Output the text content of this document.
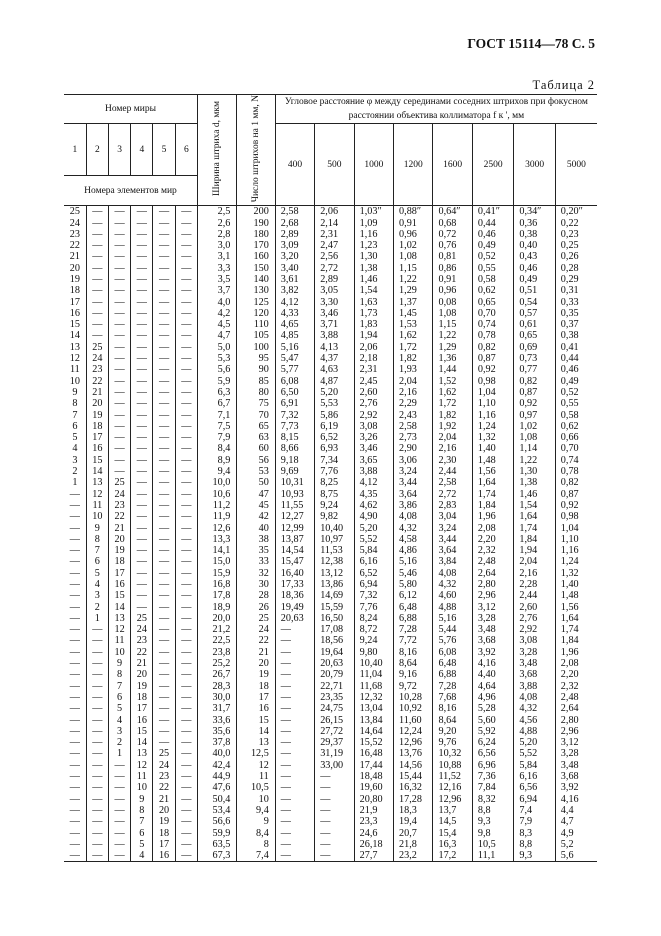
ГОСТ 15114—78 С. 5
Таблица 2
Номер миры						Ширина штриха d, мкм	Число штрихов на 1 мм, N	Угловое расстояние φ между серединами соседних штрихов при фокусном расстоянии объектива коллиматора f к ', мм							
1	2	3	4	5	6			400	500	1000	1200	1600	2500	3000	5000
Номера элементов мир															
25	—	—	—	—	—	2,5	200	2,58	2,06	1,03″	0,88″	0,64″	0,41″	0,34″	0,20″
24	—	—	—	—	—	2,6	190	2,68	2,14	1,09	0,91	0,68	0,44	0,36	0,22
23	—	—	—	—	—	2,8	180	2,89	2,31	1,16	0,96	0,72	0,46	0,38	0,23
22	—	—	—	—	—	3,0	170	3,09	2,47	1,23	1,02	0,76	0,49	0,40	0,25
21	—	—	—	—	—	3,1	160	3,20	2,56	1,30	1,08	0,81	0,52	0,43	0,26
20	—	—	—	—	—	3,3	150	3,40	2,72	1,38	1,15	0,86	0,55	0,46	0,28
19	—	—	—	—	—	3,5	140	3,61	2,89	1,46	1,22	0,91	0,58	0,49	0,29
18	—	—	—	—	—	3,7	130	3,82	3,05	1,54	1,29	0,96	0,62	0,51	0,31
17	—	—	—	—	—	4,0	125	4,12	3,30	1,63	1,37	0,08	0,65	0,54	0,33
16	—	—	—	—	—	4,2	120	4,33	3,46	1,73	1,45	1,08	0,70	0,57	0,35
15	—	—	—	—	—	4,5	110	4,65	3,71	1,83	1,53	1,15	0,74	0,61	0,37
14	—	—	—	—	—	4,7	105	4,85	3,88	1,94	1,62	1,22	0,78	0,65	0,38
13	25	—	—	—	—	5,0	100	5,16	4,13	2,06	1,72	1,29	0,82	0,69	0,41
12	24	—	—	—	—	5,3	95	5,47	4,37	2,18	1,82	1,36	0,87	0,73	0,44
11	23	—	—	—	—	5,6	90	5,77	4,63	2,31	1,93	1,44	0,92	0,77	0,46
10	22	—	—	—	—	5,9	85	6,08	4,87	2,45	2,04	1,52	0,98	0,82	0,49
9	21	—	—	—	—	6,3	80	6,50	5,20	2,60	2,16	1,62	1,04	0,87	0,52
8	20	—	—	—	—	6,7	75	6,91	5,53	2,76	2,29	1,72	1,10	0,92	0,55
7	19	—	—	—	—	7,1	70	7,32	5,86	2,92	2,43	1,82	1,16	0,97	0,58
6	18	—	—	—	—	7,5	65	7,73	6,19	3,08	2,58	1,92	1,24	1,02	0,62
5	17	—	—	—	—	7,9	63	8,15	6,52	3,26	2,73	2,04	1,32	1,08	0,66
4	16	—	—	—	—	8,4	60	8,66	6,93	3,46	2,90	2,16	1,40	1,14	0,70
3	15	—	—	—	—	8,9	56	9,18	7,34	3,65	3,06	2,30	1,48	1,22	0,74
2	14	—	—	—	—	9,4	53	9,69	7,76	3,88	3,24	2,44	1,56	1,30	0,78
1	13	25	—	—	—	10,0	50	10,31	8,25	4,12	3,44	2,58	1,64	1,38	0,82
—	12	24	—	—	—	10,6	47	10,93	8,75	4,35	3,64	2,72	1,74	1,46	0,87
—	11	23	—	—	—	11,2	45	11,55	9,24	4,62	3,86	2,83	1,84	1,54	0,92
—	10	22	—	—	—	11,9	42	12,27	9,82	4,90	4,08	3,04	1,96	1,64	0,98
—	9	21	—	—	—	12,6	40	12,99	10,40	5,20	4,32	3,24	2,08	1,74	1,04
—	8	20	—	—	—	13,3	38	13,87	10,97	5,52	4,58	3,44	2,20	1,84	1,10
—	7	19	—	—	—	14,1	35	14,54	11,53	5,84	4,86	3,64	2,32	1,94	1,16
—	6	18	—	—	—	15,0	33	15,47	12,38	6,16	5,16	3,84	2,48	2,04	1,24
—	5	17	—	—	—	15,9	32	16,40	13,12	6,52	5,46	4,08	2,64	2,16	1,32
—	4	16	—	—	—	16,8	30	17,33	13,86	6,94	5,80	4,32	2,80	2,28	1,40
—	3	15	—	—	—	17,8	28	18,36	14,69	7,32	6,12	4,60	2,96	2,44	1,48
—	2	14	—	—	—	18,9	26	19,49	15,59	7,76	6,48	4,88	3,12	2,60	1,56
—	1	13	25	—	—	20,0	25	20,63	16,50	8,24	6,88	5,16	3,28	2,76	1,64
—	—	12	24	—	—	21,2	24	—	17,08	8,72	7,28	5,44	3,48	2,92	1,74
—	—	11	23	—	—	22,5	22	—	18,56	9,24	7,72	5,76	3,68	3,08	1,84
—	—	10	22	—	—	23,8	21	—	19,64	9,80	8,16	6,08	3,92	3,28	1,96
—	—	9	21	—	—	25,2	20	—	20,63	10,40	8,64	6,48	4,16	3,48	2,08
—	—	8	20	—	—	26,7	19	—	20,79	11,04	9,16	6,88	4,40	3,68	2,20
—	—	7	19	—	—	28,3	18	—	22,71	11,68	9,72	7,28	4,64	3,88	2,32
—	—	6	18	—	—	30,0	17	—	23,35	12,32	10,28	7,68	4,96	4,08	2,48
—	—	5	17	—	—	31,7	16	—	24,75	13,04	10,92	8,16	5,28	4,32	2,64
—	—	4	16	—	—	33,6	15	—	26,15	13,84	11,60	8,64	5,60	4,56	2,80
—	—	3	15	—	—	35,6	14	—	27,72	14,64	12,24	9,20	5,92	4,88	2,96
—	—	2	14	—	—	37,8	13	—	29,37	15,52	12,96	9,76	6,24	5,20	3,12
—	—	1	13	25	—	40,0	12,5	—	31,19	16,48	13,76	10,32	6,56	5,52	3,28
—	—	—	12	24	—	42,4	12	—	33,00	17,44	14,56	10,88	6,96	5,84	3,48
—	—	—	11	23	—	44,9	11	—	—	18,48	15,44	11,52	7,36	6,16	3,68
—	—	—	10	22	—	47,6	10,5	—	—	19,60	16,32	12,16	7,84	6,56	3,92
—	—	—	9	21	—	50,4	10	—	—	20,80	17,28	12,96	8,32	6,94	4,16
—	—	—	8	20	—	53,4	9,4	—	—	21,9	18,3	13,7	8,8	7,4	4,4
—	—	—	7	19	—	56,6	9	—	—	23,3	19,4	14,5	9,3	7,9	4,7
—	—	—	6	18	—	59,9	8,4	—	—	24,6	20,7	15,4	9,8	8,3	4,9
—	—	—	5	17	—	63,5	8	—	—	26,18	21,8	16,3	10,5	8,8	5,2
—	—	—	4	16	—	67,3	7,4	—	—	27,7	23,2	17,2	11,1	9,3	5,6
